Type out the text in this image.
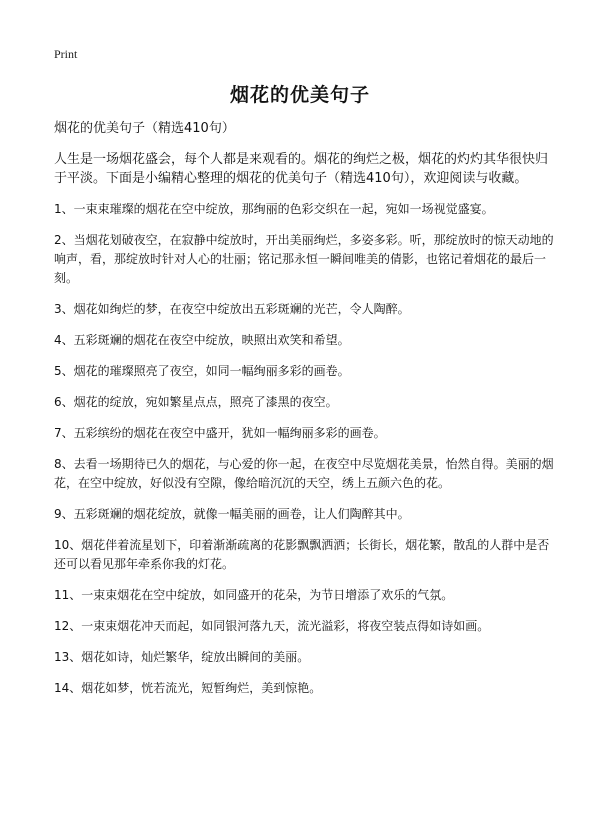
Print
烟花的优美句子

烟花的优美句子（精选410句）

人生是一场烟花盛会，每个人都是来观看的。烟花的绚烂之极，烟花的灼灼其华很快归于平淡。下面是小编精心整理的烟花的优美句子（精选410句），欢迎阅读与收藏。

1、一束束璀璨的烟花在空中绽放，那绚丽的色彩交织在一起，宛如一场视觉盛宴。
2、当烟花划破夜空，在寂静中绽放时，开出美丽绚烂，多姿多彩。听，那绽放时的惊天动地的响声，看，那绽放时针对人心的壮丽；铭记那永恒一瞬间唯美的倩影，也铭记着烟花的最后一刻。
3、烟花如绚烂的梦，在夜空中绽放出五彩斑斓的光芒，令人陶醉。
4、五彩斑斓的烟花在夜空中绽放，映照出欢笑和希望。
5、烟花的璀璨照亮了夜空，如同一幅绚丽多彩的画卷。
6、烟花的绽放，宛如繁星点点，照亮了漆黑的夜空。
7、五彩缤纷的烟花在夜空中盛开，犹如一幅绚丽多彩的画卷。
8、去看一场期待已久的烟花，与心爱的你一起，在夜空中尽览烟花美景，怡然自得。美丽的烟花，在空中绽放，好似没有空隙，像给暗沉沉的天空，绣上五颜六色的花。
9、五彩斑斓的烟花绽放，就像一幅美丽的画卷，让人们陶醉其中。
10、烟花伴着流星划下，印着渐渐疏离的花影飘飘洒洒；长街长，烟花繁，散乱的人群中是否还可以看见那年牵系你我的灯花。
11、一束束烟花在空中绽放，如同盛开的花朵，为节日增添了欢乐的气氛。
12、一束束烟花冲天而起，如同银河落九天，流光溢彩，将夜空装点得如诗如画。
13、烟花如诗，灿烂繁华，绽放出瞬间的美丽。
14、烟花如梦，恍若流光，短暂绚烂，美到惊艳。
